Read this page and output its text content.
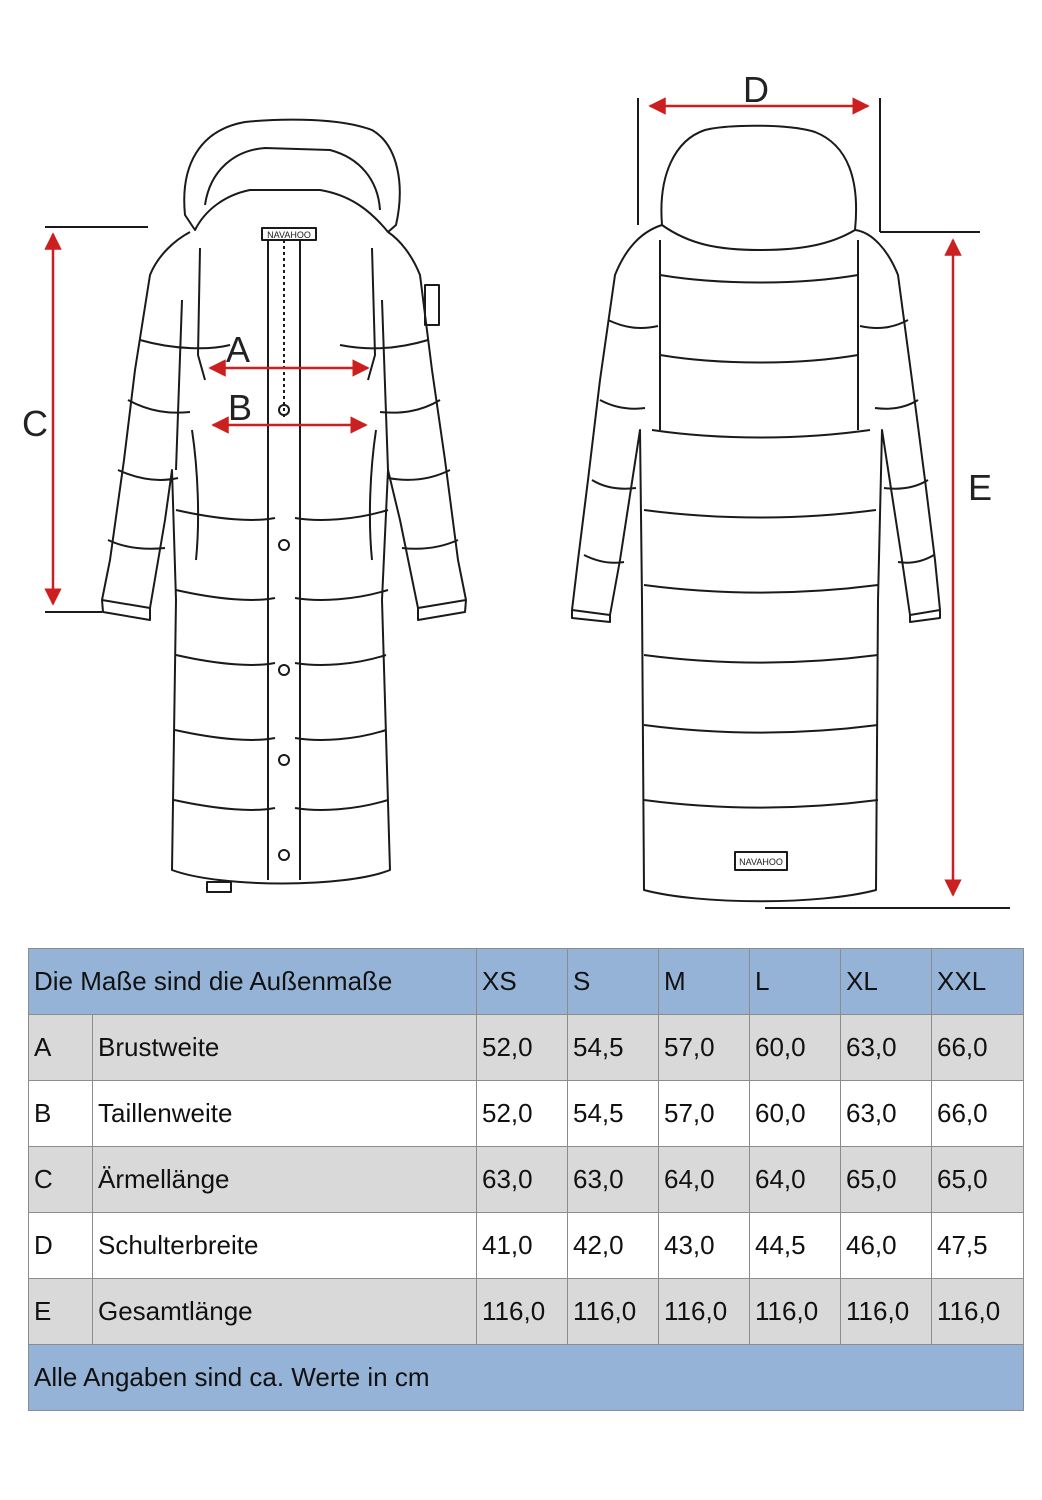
NAVAHOO
NAVAHOO
A
B
C
D
E
Die Maße sind die Außenmaße		XS	S	M	L	XL	XXL
A	Brustweite	52,0	54,5	57,0	60,0	63,0	66,0
B	Taillenweite	52,0	54,5	57,0	60,0	63,0	66,0
C	Ärmellänge	63,0	63,0	64,0	64,0	65,0	65,0
D	Schulterbreite	41,0	42,0	43,0	44,5	46,0	47,5
E	Gesamtlänge	116,0	116,0	116,0	116,0	116,0	116,0
Alle Angaben sind ca. Werte in cm							
